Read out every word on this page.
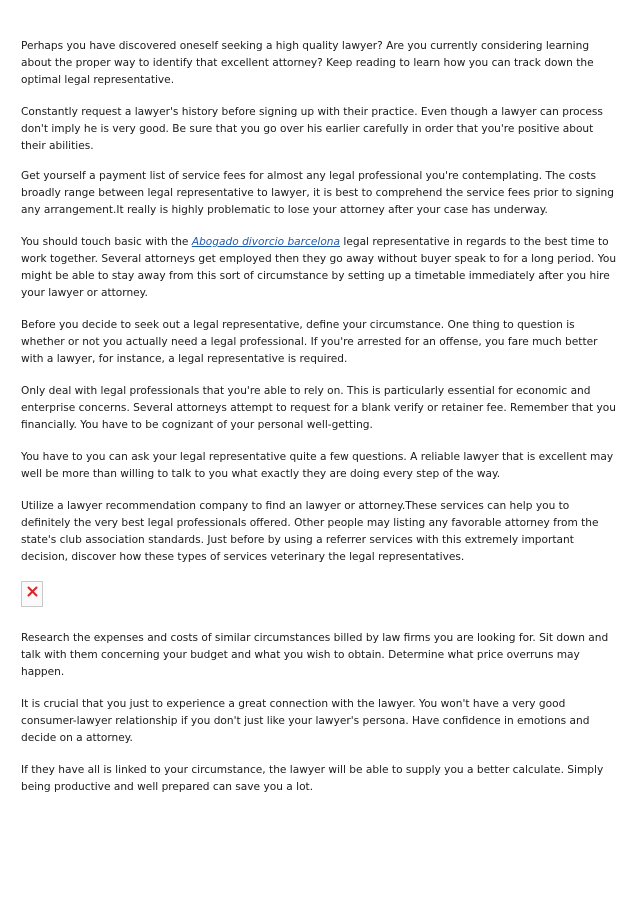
Perhaps you have discovered oneself seeking a high quality lawyer? Are you currently considering learning about the proper way to identify that excellent attorney? Keep reading to learn how you can track down the optimal legal representative.

Constantly request a lawyer's history before signing up with their practice. Even though a lawyer can process don't imply he is very good. Be sure that you go over his earlier carefully in order that you're positive about their abilities.

Get yourself a payment list of service fees for almost any legal professional you're contemplating. The costs broadly range between legal representative to lawyer, it is best to comprehend the service fees prior to signing any arrangement.It really is highly problematic to lose your attorney after your case has underway.

You should touch basic with the Abogado divorcio barcelona legal representative in regards to the best time to work together. Several attorneys get employed then they go away without buyer speak to for a long period. You might be able to stay away from this sort of circumstance by setting up a timetable immediately after you hire your lawyer or attorney.

Before you decide to seek out a legal representative, define your circumstance. One thing to question is whether or not you actually need a legal professional. If you're arrested for an offense, you fare much better with a lawyer, for instance, a legal representative is required.

Only deal with legal professionals that you're able to rely on. This is particularly essential for economic and enterprise concerns. Several attorneys attempt to request for a blank verify or retainer fee. Remember that you financially. You have to be cognizant of your personal well-getting.

You have to you can ask your legal representative quite a few questions. A reliable lawyer that is excellent may well be more than willing to talk to you what exactly they are doing every step of the way.

Utilize a lawyer recommendation company to find an lawyer or attorney.These services can help you to definitely the very best legal professionals offered. Other people may listing any favorable attorney from the state's club association standards. Just before by using a referrer services with this extremely important decision, discover how these types of services veterinary the legal representatives.

Research the expenses and costs of similar circumstances billed by law firms you are looking for. Sit down and talk with them concerning your budget and what you wish to obtain. Determine what price overruns may happen.

It is crucial that you just to experience a great connection with the lawyer. You won't have a very good consumer-lawyer relationship if you don't just like your lawyer's persona. Have confidence in emotions and decide on a attorney.

If they have all is linked to your circumstance, the lawyer will be able to supply you a better calculate. Simply being productive and well prepared can save you a lot.
